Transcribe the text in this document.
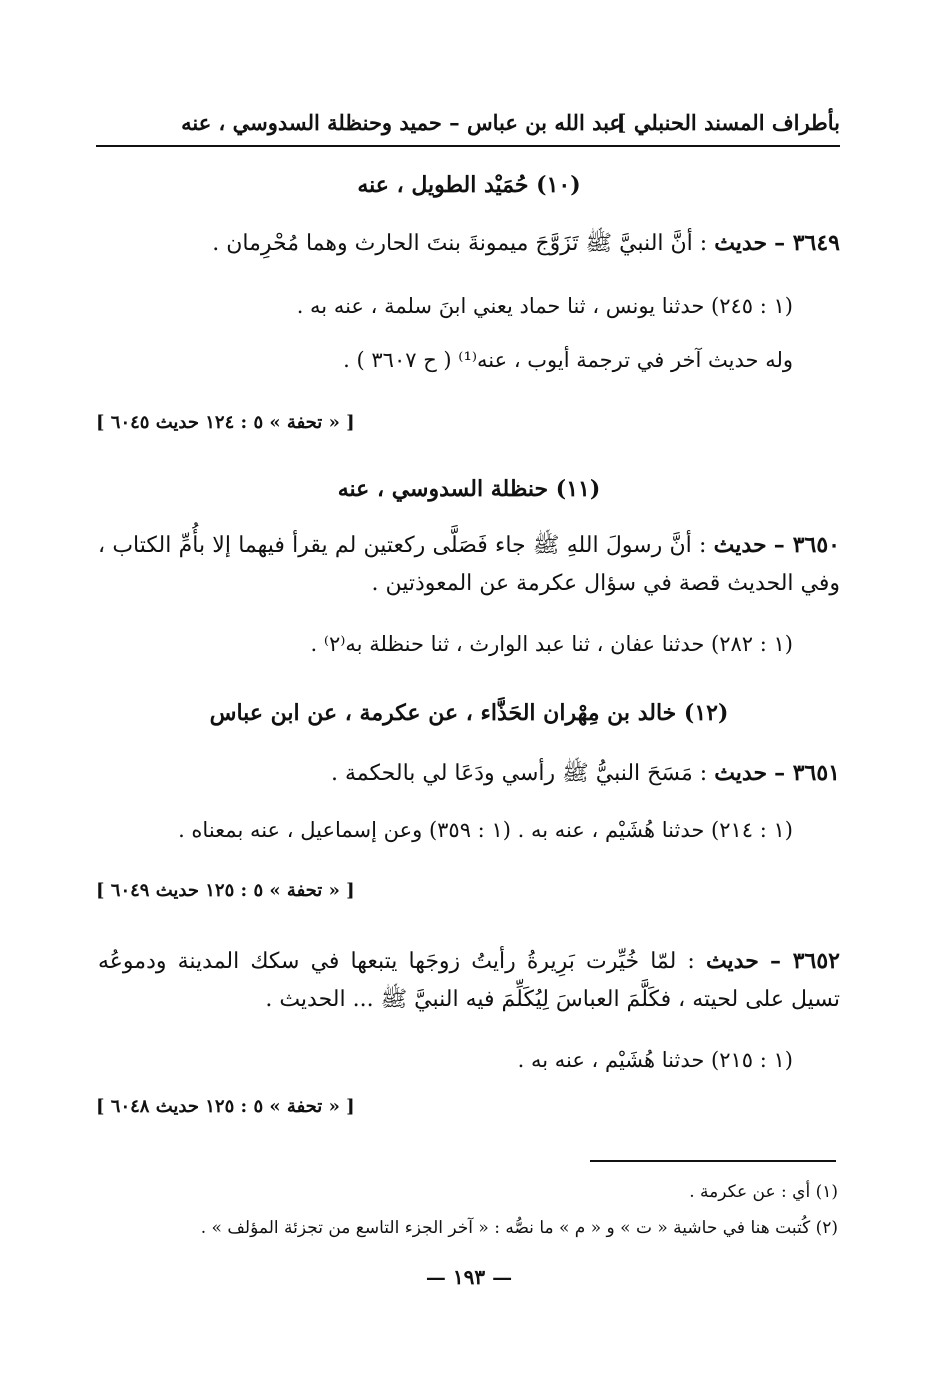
بأطراف المسند الحنبلي ]
عبد الله بن عباس – حميد وحنظلة السدوسي ، عنه
(١٠) حُمَيْد الطويل ، عنه
٣٦٤٩ – حديث : أنَّ النبيَّ ﷺ تَزَوَّجَ ميمونةَ بنتَ الحارث وهما مُحْرِمان .
(١ : ٢٤٥) حدثنا يونس ، ثنا حماد يعني ابنَ سلمة ، عنه به .
وله حديث آخر في ترجمة أيوب ، عنه⁽¹⁾ ( ح ٣٦٠٧ ) .
[ « تحفة » ٥ : ١٢٤ حديث ٦٠٤٥ ]
(١١) حنظلة السدوسي ، عنه
٣٦٥٠ – حديث : أنَّ رسولَ اللهِ ﷺ جاء فَصَلَّى ركعتين لم يقرأ فيهما إلا بأُمِّ الكتاب ، وفي الحديث قصة في سؤال عكرمة عن المعوذتين .
(١ : ٢٨٢) حدثنا عفان ، ثنا عبد الوارث ، ثنا حنظلة به⁽٢⁾ .
(١٢) خالد بن مِهْران الحَذَّاء ، عن عكرمة ، عن ابن عباس
٣٦٥١ – حديث : مَسَحَ النبيُّ ﷺ رأسي ودَعَا لي بالحكمة .
(١ : ٢١٤) حدثنا هُشَيْم ، عنه به . (١ : ٣٥٩) وعن إسماعيل ، عنه بمعناه .
[ « تحفة » ٥ : ١٢٥ حديث ٦٠٤٩ ]
٣٦٥٢ – حديث : لمّا خُيِّرت بَرِيرةُ رأيتُ زوجَها يتبعها في سكك المدينة ودموعُه تسيل على لحيته ، فكَلَّمَ العباسَ لِيُكَلِّمَ فيه النبيَّ ﷺ ... الحديث .
(١ : ٢١٥) حدثنا هُشَيْم ، عنه به .
[ « تحفة » ٥ : ١٢٥ حديث ٦٠٤٨ ]
(١) أي : عن عكرمة .
(٢) كُتبت هنا في حاشية « ت » و « م » ما نصُّه : « آخر الجزء التاسع من تجزئة المؤلف » .
— ١٩٣ —
